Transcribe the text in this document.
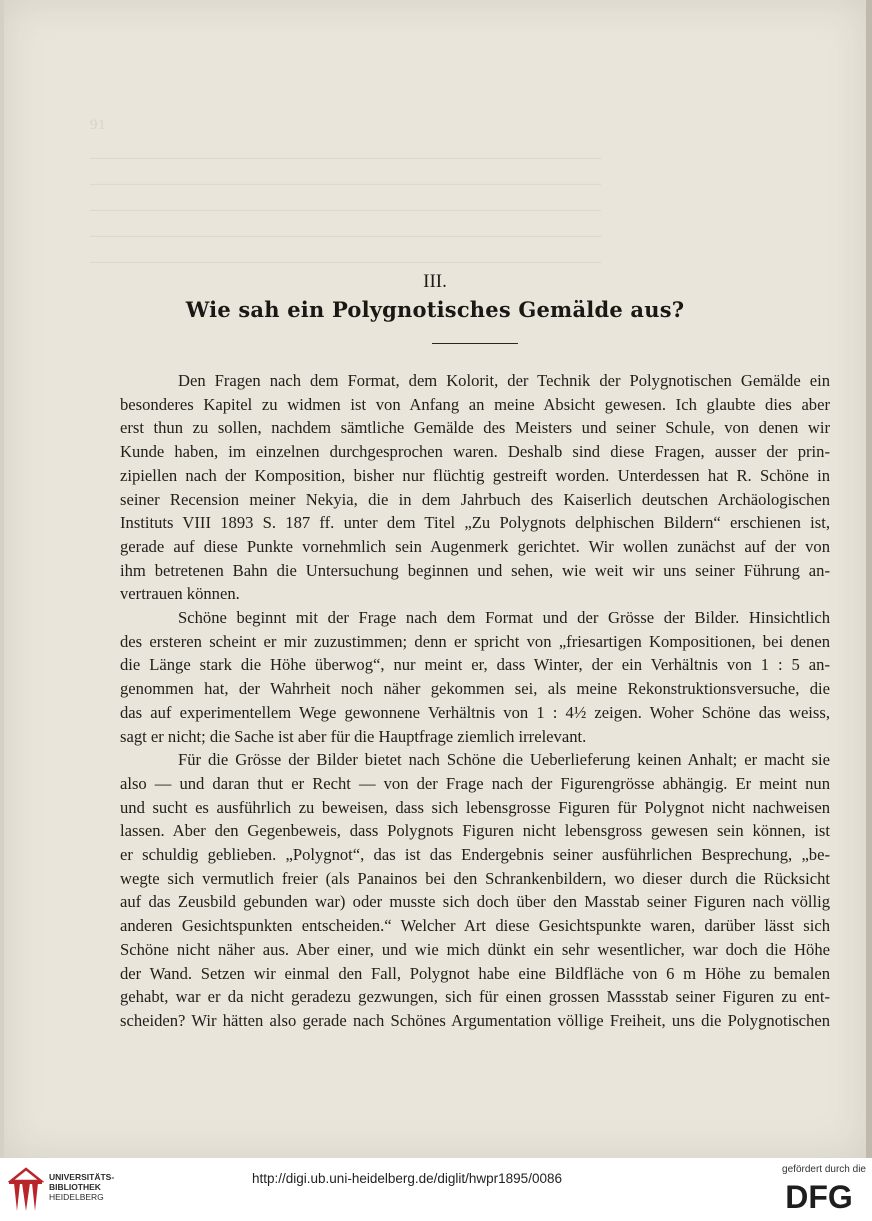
91
—————————————————————————————————
—————————————————————————————————
—————————————————————————————————
—————————————————————————————————
—————————————————————————————————
III.
Wie sah ein Polygnotisches Gemälde aus?

Den Fragen nach dem Format, dem Kolorit, der Technik der Polygnotischen Gemälde ein
besonderes Kapitel zu widmen ist von Anfang an meine Absicht gewesen. Ich glaubte dies aber
erst thun zu sollen, nachdem sämtliche Gemälde des Meisters und seiner Schule, von denen wir
Kunde haben, im einzelnen durchgesprochen waren. Deshalb sind diese Fragen, ausser der prin-
zipiellen nach der Komposition, bisher nur flüchtig gestreift worden. Unterdessen hat R. Schöne in
seiner Recension meiner Nekyia, die in dem Jahrbuch des Kaiserlich deutschen Archäologischen
Instituts VIII 1893 S. 187 ff. unter dem Titel „Zu Polygnots delphischen Bildern“ erschienen ist,
gerade auf diese Punkte vornehmlich sein Augenmerk gerichtet. Wir wollen zunächst auf der von
ihm betretenen Bahn die Untersuchung beginnen und sehen, wie weit wir uns seiner Führung an-
vertrauen können.

Schöne beginnt mit der Frage nach dem Format und der Grösse der Bilder. Hinsichtlich
des ersteren scheint er mir zuzustimmen; denn er spricht von „friesartigen Kompositionen, bei denen
die Länge stark die Höhe überwog“, nur meint er, dass Winter, der ein Verhältnis von 1 : 5 an-
genommen hat, der Wahrheit noch näher gekommen sei, als meine Rekonstruktionsversuche, die
das auf experimentellem Wege gewonnene Verhältnis von 1 : 4½ zeigen. Woher Schöne das weiss,
sagt er nicht; die Sache ist aber für die Hauptfrage ziemlich irrelevant.

Für die Grösse der Bilder bietet nach Schöne die Ueberlieferung keinen Anhalt; er macht sie
also — und daran thut er Recht — von der Frage nach der Figurengrösse abhängig. Er meint nun
und sucht es ausführlich zu beweisen, dass sich lebensgrosse Figuren für Polygnot nicht nachweisen
lassen. Aber den Gegenbeweis, dass Polygnots Figuren nicht lebensgross gewesen sein können, ist
er schuldig geblieben. „Polygnot“, das ist das Endergebnis seiner ausführlichen Besprechung, „be-
wegte sich vermutlich freier (als Panainos bei den Schrankenbildern, wo dieser durch die Rücksicht
auf das Zeusbild gebunden war) oder musste sich doch über den Masstab seiner Figuren nach völlig
anderen Gesichtspunkten entscheiden.“ Welcher Art diese Gesichtspunkte waren, darüber lässt sich
Schöne nicht näher aus. Aber einer, und wie mich dünkt ein sehr wesentlicher, war doch die Höhe
der Wand. Setzen wir einmal den Fall, Polygnot habe eine Bildfläche von 6 m Höhe zu bemalen
gehabt, war er da nicht geradezu gezwungen, sich für einen grossen Massstab seiner Figuren zu ent-
scheiden? Wir hätten also gerade nach Schönes Argumentation völlige Freiheit, uns die Polygnotischen

UNIVERSITÄTS-
BIBLIOTHEK
HEIDELBERG
http://digi.ub.uni-heidelberg.de/diglit/hwpr1895/0086
gefördert durch die
DFG
